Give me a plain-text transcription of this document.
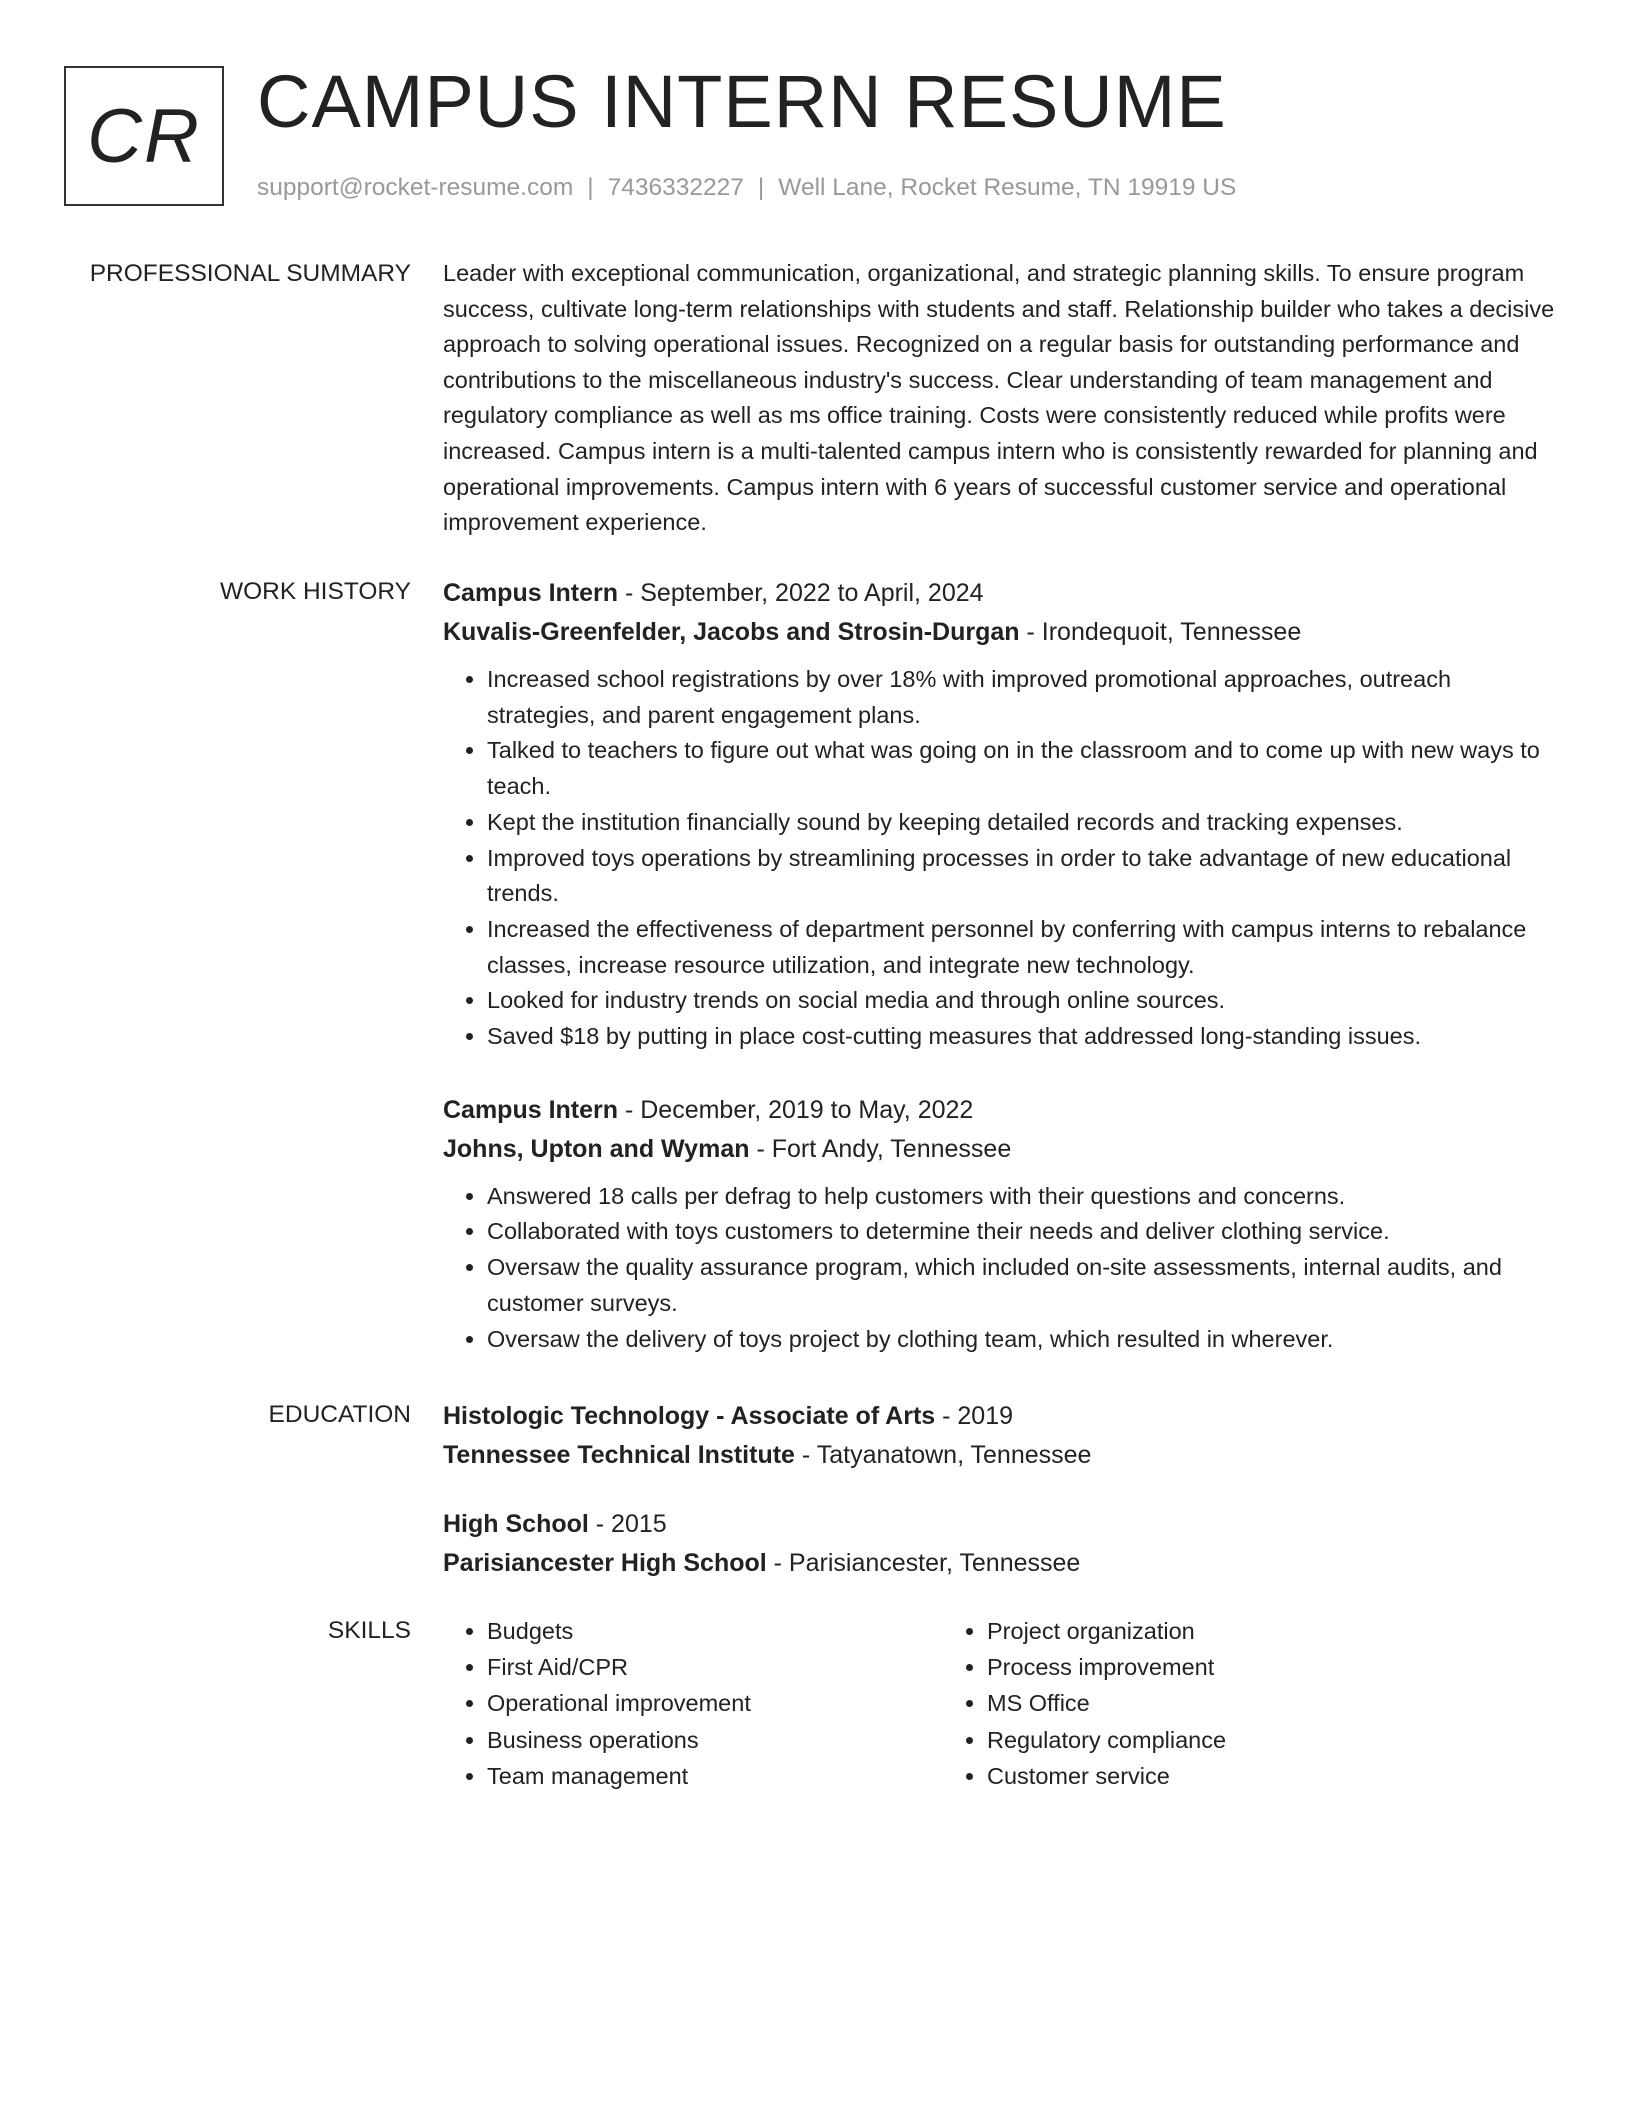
CR CAMPUS INTERN RESUME
support@rocket-resume.com | 7436332227 | Well Lane, Rocket Resume, TN 19919 US
PROFESSIONAL SUMMARY Leader with exceptional communication, organizational, and strategic planning skills. To ensure program success, cultivate long-term relationships with students and staff. Relationship builder who takes a decisive approach to solving operational issues. Recognized on a regular basis for outstanding performance and contributions to the miscellaneous industry's success. Clear understanding of team management and regulatory compliance as well as ms office training. Costs were consistently reduced while profits were increased. Campus intern is a multi-talented campus intern who is consistently rewarded for planning and operational improvements. Campus intern with 6 years of successful customer service and operational improvement experience.

WORK HISTORY Campus Intern - September, 2022 to April, 2024

Kuvalis-Greenfelder, Jacobs and Strosin-Durgan - Irondequoit, Tennessee

• Increased school registrations by over 18% with improved promotional approaches, outreach strategies, and parent engagement plans.
• Talked to teachers to figure out what was going on in the classroom and to come up with new ways to teach.
• Kept the institution financially sound by keeping detailed records and tracking expenses.
• Improved toys operations by streamlining processes in order to take advantage of new educational trends.
• Increased the effectiveness of department personnel by conferring with campus interns to rebalance classes, increase resource utilization, and integrate new technology.
• Looked for industry trends on social media and through online sources.
• Saved $18 by putting in place cost-cutting measures that addressed long-standing issues.

Campus Intern - December, 2019 to May, 2022

Johns, Upton and Wyman - Fort Andy, Tennessee

• Answered 18 calls per defrag to help customers with their questions and concerns.
• Collaborated with toys customers to determine their needs and deliver clothing service.
• Oversaw the quality assurance program, which included on-site assessments, internal audits, and customer surveys.
• Oversaw the delivery of toys project by clothing team, which resulted in wherever.
EDUCATION Histologic Technology - Associate of Arts - 2019

Tennessee Technical Institute - Tatyanatown, Tennessee

High School - 2015

Parisiancester High School - Parisiancester, Tennessee

SKILLS
•	Budgets
• First Aid/CPR
• Operational improvement
• Business operations
• Team management
• Project organization
• Process improvement
• MS Office
• Regulatory compliance
• Customer service
